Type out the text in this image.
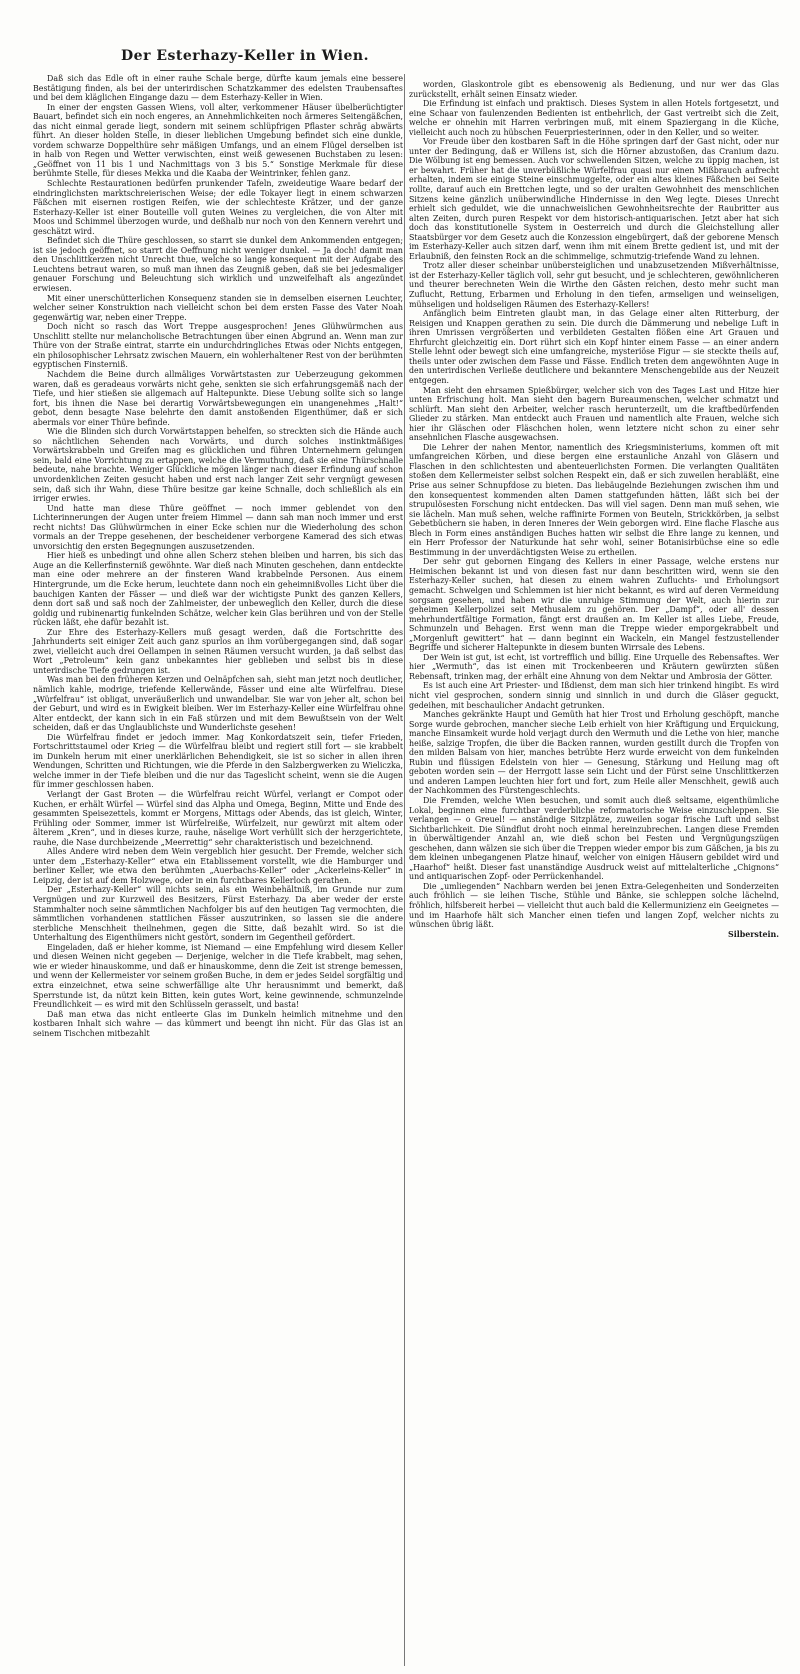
Der Esterhazy-Keller in Wien.

Daß sich das Edle oft in einer rauhe Schale berge, dürfte kaum jemals eine bessere Bestätigung finden, als bei der unterirdischen Schatzkammer des edelsten Traubensaftes und bei dem kläglichen Eingange dazu — dem Esterhazy-Keller in Wien.

In einer der engsten Gassen Wiens, voll alter, verkommener Häuser übelberüchtigter Bauart, befindet sich ein noch engeres, an Annehmlichkeiten noch ärmeres Seitengäßchen, das nicht einmal gerade liegt, sondern mit seinem schlüpfrigen Pflaster schräg abwärts führt. An dieser holden Stelle, in dieser lieblichen Umgebung befindet sich eine dunkle, vordem schwarze Doppelthüre sehr mäßigen Umfangs, und an einem Flügel derselben ist in halb von Regen und Wetter verwischten, einst weiß gewesenen Buchstaben zu lesen: „Geöffnet von 11 bis 1 und Nachmittags von 3 bis 5.“ Sonstige Merkmale für diese berühmte Stelle, für dieses Mekka und die Kaaba der Weintrinker, fehlen ganz.

Schlechte Restaurationen bedürfen prunkender Tafeln, zweideutige Waare bedarf der eindringlichsten marktschreierischen Weise; der edle Tokayer liegt in einem schwarzen Fäßchen mit eisernen rostigen Reifen, wie der schlechteste Krätzer, und der ganze Esterhazy-Keller ist einer Bouteille voll guten Weines zu vergleichen, die von Alter mit Moos und Schimmel überzogen wurde, und deßhalb nur noch von den Kennern verehrt und geschätzt wird.

Befindet sich die Thüre geschlossen, so starrt sie dunkel dem Ankommenden entgegen; ist sie jedoch geöffnet, so starrt die Oeffnung nicht weniger dunkel. — Ja doch! damit man den Unschlittkerzen nicht Unrecht thue, welche so lange konsequent mit der Aufgabe des Leuchtens betraut waren, so muß man ihnen das Zeugniß geben, daß sie bei jedesmaliger genauer Forschung und Beleuchtung sich wirklich und unzweifelhaft als angezündet erwiesen.

Mit einer unerschütterlichen Konsequenz standen sie in demselben eisernen Leuchter, welcher seiner Konstruktion nach vielleicht schon bei dem ersten Fasse des Vater Noah gegenwärtig war, neben einer Treppe.

Doch nicht so rasch das Wort Treppe ausgesprochen! Jenes Glühwürmchen aus Unschlitt stellte nur melancholische Betrachtungen über einen Abgrund an. Wenn man zur Thüre von der Straße eintrat, starrte ein undurchdringliches Etwas oder Nichts entgegen, ein philosophischer Lehrsatz zwischen Mauern, ein wohlerhaltener Rest von der berühmten egyptischen Finsterniß.

Nachdem die Beine durch allmäliges Vorwärtstasten zur Ueberzeugung gekommen waren, daß es geradeaus vorwärts nicht gehe, senkten sie sich erfahrungsgemäß nach der Tiefe, und hier stießen sie allgemach auf Haltepunkte. Diese Uebung sollte sich so lange fort, bis ihnen die Nase bei derartig Vorwärtsbewegungen ein unangenehmes „Halt!“ gebot, denn besagte Nase belehrte den damit anstoßenden Eigenthümer, daß er sich abermals vor einer Thüre befinde.

Wie die Blinden sich durch Vorwärtstappen behelfen, so streckten sich die Hände auch so nächtlichen Sehenden nach Vorwärts, und durch solches instinktmäßiges Vorwärtskrabbeln und Greifen mag es glücklichen und führen Unternehmern gelungen sein, bald eine Vorrichtung zu ertappen, welche die Vermuthung, daß sie eine Thürschnalle bedeute, nahe brachte. Weniger Glückliche mögen länger nach dieser Erfindung auf schon unvordenklichen Zeiten gesucht haben und erst nach langer Zeit sehr vergnügt gewesen sein, daß sich ihr Wahn, diese Thüre besitze gar keine Schnalle, doch schließlich als ein irriger erwies.

Und hatte man diese Thüre geöffnet — noch immer geblendet von den Lichterinnerungen der Augen unter freiem Himmel — dann sah man noch immer und erst recht nichts! Das Glühwürmchen in einer Ecke schien nur die Wiederholung des schon vormals an der Treppe gesehenen, der bescheidener verborgene Kamerad des sich etwas unvorsichtig den ersten Begegnungen auszusetzenden.

Hier hieß es unbedingt und ohne allen Scherz stehen bleiben und harren, bis sich das Auge an die Kellerfinsterniß gewöhnte. War dieß nach Minuten geschehen, dann entdeckte man eine oder mehrere an der finsteren Wand krabbelnde Personen. Aus einem Hintergrunde, um die Ecke herum, leuchtete dann noch ein geheimnißvolles Licht über die bauchigen Kanten der Fässer — und dieß war der wichtigste Punkt des ganzen Kellers, denn dort saß und saß noch der Zahlmeister, der unbeweglich den Keller, durch die diese goldig und rubinenartig funkelnden Schätze, welcher kein Glas berühren und von der Stelle rücken läßt, ehe dafür bezahlt ist.

Zur Ehre des Esterhazy-Kellers muß gesagt werden, daß die Fortschritte des Jahrhunderts seit einiger Zeit auch ganz spurlos an ihm vorübergegangen sind, daß sogar zwei, vielleicht auch drei Oellampen in seinen Räumen versucht wurden, ja daß selbst das Wort „Petroleum“ kein ganz unbekanntes hier geblieben und selbst bis in diese unterirdische Tiefe gedrungen ist.

Was man bei den früheren Kerzen und Oelnäpfchen sah, sieht man jetzt noch deutlicher, nämlich kahle, modrige, triefende Kellerwände, Fässer und eine alte Würfelfrau. Diese „Würfelfrau“ ist obligat, unveräußerlich und unwandelbar. Sie war von jeher alt, schon bei der Geburt, und wird es in Ewigkeit bleiben. Wer im Esterhazy-Keller eine Würfelfrau ohne Alter entdeckt, der kann sich in ein Faß stürzen und mit dem Bewußtsein von der Welt scheiden, daß er das Unglaublichste und Wunderlichste gesehen!

Die Würfelfrau findet er jedoch immer. Mag Konkordatszeit sein, tiefer Frieden, Fortschrittstaumel oder Krieg — die Würfelfrau bleibt und regiert still fort — sie krabbelt im Dunkeln herum mit einer unerklärlichen Behendigkeit, sie ist so sicher in allen ihren Wendungen, Schritten und Richtungen, wie die Pferde in den Salzbergwerken zu Wieliczka, welche immer in der Tiefe bleiben und die nur das Tageslicht scheint, wenn sie die Augen für immer geschlossen haben.

Verlangt der Gast Broten — die Würfelfrau reicht Würfel, verlangt er Compot oder Kuchen, er erhält Würfel — Würfel sind das Alpha und Omega, Beginn, Mitte und Ende des gesammten Speisezettels, kommt er Morgens, Mittags oder Abends, das ist gleich, Winter, Frühling oder Sommer, immer ist Würfelreiße, Würfelzeit, nur gewürzt mit altem oder älterem „Kren“, und in dieses kurze, rauhe, näselige Wort verhüllt sich der herzgerichtete, rauhe, die Nase durchbeizende „Meerrettig“ sehr charakteristisch und bezeichnend.

Alles Andere wird neben dem Wein vergeblich hier gesucht. Der Fremde, welcher sich unter dem „Esterhazy-Keller“ etwa ein Etablissement vorstellt, wie die Hamburger und berliner Keller, wie etwa den berühmten „Auerbachs-Keller“ oder „Ackerleins-Keller“ in Leipzig, der ist auf dem Holzwege, oder in ein furchtbares Kellerloch gerathen.

Der „Esterhazy-Keller“ will nichts sein, als ein Weinbehältniß, im Grunde nur zum Vergnügen und zur Kurzweil des Besitzers, Fürst Esterhazy. Da aber weder der erste Stammhalter noch seine sämmtlichen Nachfolger bis auf den heutigen Tag vermochten, die sämmtlichen vorhandenen stattlichen Fässer auszutrinken, so lassen sie die andere sterbliche Menschheit theilnehmen, gegen die Sitte, daß bezahlt wird. So ist die Unterhaltung des Eigenthümers nicht gestört, sondern im Gegentheil gefördert.

Eingeladen, daß er hieher komme, ist Niemand — eine Empfehlung wird diesem Keller und diesen Weinen nicht gegeben — Derjenige, welcher in die Tiefe krabbelt, mag sehen, wie er wieder hinauskomme, und daß er hinauskomme, denn die Zeit ist strenge bemessen, und wenn der Kellermeister vor seinem großen Buche, in dem er jedes Seidel sorgfältig und extra einzeichnet, etwa seine schwerfällige alte Uhr herausnimmt und bemerkt, daß Sperrstunde ist, da nützt kein Bitten, kein gutes Wort, keine gewinnende, schmunzelnde Freundlichkeit — es wird mit den Schlüsseln gerasselt, und basta!

Daß man etwa das nicht entleerte Glas im Dunkeln heimlich mitnehme und den kostbaren Inhalt sich wahre — das kümmert und beengt ihn nicht. Für das Glas ist an seinem Tischchen mitbezahlt

worden, Glaskontrole gibt es ebensowenig als Bedienung, und nur wer das Glas zurückstellt, erhält seinen Einsatz wieder.

Die Erfindung ist einfach und praktisch. Dieses System in allen Hotels fortgesetzt, und eine Schaar von faulenzenden Bedienten ist entbehrlich, der Gast vertreibt sich die Zeit, welche er ohnehin mit Harren verbringen muß, mit einem Spaziergang in die Küche, vielleicht auch noch zu hübschen Feuerpriesterinnen, oder in den Keller, und so weiter.

Vor Freude über den kostbaren Saft in die Höhe springen darf der Gast nicht, oder nur unter der Bedingung, daß er Willens ist, sich die Hörner abzustoßen, das Cranium dazu. Die Wölbung ist eng bemessen. Auch vor schwellenden Sitzen, welche zu üppig machen, ist er bewahrt. Früher hat die unverbüßliche Würfelfrau quasi nur einen Mißbrauch aufrecht erhalten, indem sie einige Steine einschmuggelte, oder ein altes kleines Fäßchen bei Seite rollte, darauf auch ein Brettchen legte, und so der uralten Gewohnheit des menschlichen Sitzens keine gänzlich unüberwindliche Hindernisse in den Weg legte. Dieses Unrecht erhielt sich geduldet, wie die unnachweislichen Gewohnheitsrechte der Raubritter aus alten Zeiten, durch puren Respekt vor dem historisch-antiquarischen. Jetzt aber hat sich doch das konstitutionelle System in Oesterreich und durch die Gleichstellung aller Staatsbürger vor dem Gesetz auch die Konzession eingebürgert, daß der geborene Mensch im Esterhazy-Keller auch sitzen darf, wenn ihm mit einem Brette gedient ist, und mit der Erlaubniß, den feinsten Rock an die schimmelige, schmutzig-triefende Wand zu lehnen.

Trotz aller dieser scheinbar unübersteiglichen und unabzusetzenden Mißverhältnisse, ist der Esterhazy-Keller täglich voll, sehr gut besucht, und je schlechteren, gewöhnlicheren und theurer berechneten Wein die Wirthe den Gästen reichen, desto mehr sucht man Zuflucht, Rettung, Erbarmen und Erholung in den tiefen, armseligen und weinseligen, mühseligen und holdseligen Räumen des Esterhazy-Kellers!

Anfänglich beim Eintreten glaubt man, in das Gelage einer alten Ritterburg, der Reisigen und Knappen gerathen zu sein. Die durch die Dämmerung und nebelige Luft in ihren Umrissen vergrößerten und verbildeten Gestalten flößen eine Art Grauen und Ehrfurcht gleichzeitig ein. Dort rührt sich ein Kopf hinter einem Fasse — an einer andern Stelle lehnt oder bewegt sich eine umfangreiche, mysteriöse Figur — sie steckte theils auf, theils unter oder zwischen dem Fasse und Fässe. Endlich treten dem angewöhnten Auge in den unterirdischen Verließe deutlichere und bekanntere Menschengebilde aus der Neuzeit entgegen.

Man sieht den ehrsamen Spießbürger, welcher sich von des Tages Last und Hitze hier unten Erfrischung holt. Man sieht den bagern Bureaumenschen, welcher schmatzt und schlürft. Man sieht den Arbeiter, welcher rasch herunterzeilt, um die kraftbedürfenden Glieder zu stärken. Man entdeckt auch Frauen und namentlich alte Frauen, welche sich hier ihr Gläschen oder Fläschchen holen, wenn letztere nicht schon zu einer sehr ansehnlichen Flasche ausgewachsen.

Die Lehrer der nahen Mentor, namentlich des Kriegsministeriums, kommen oft mit umfangreichen Körben, und diese bergen eine erstaunliche Anzahl von Gläsern und Flaschen in den schlichtesten und abenteuerlichsten Formen. Die verlangten Qualitäten stoßen dem Kellermeister selbst solchen Respekt ein, daß er sich zuweilen herabläßt, eine Prise aus seiner Schnupfdose zu bieten. Das liebäugelnde Beziehungen zwischen ihm und den konsequentest kommenden alten Damen stattgefunden hätten, läßt sich bei der strupulösesten Forschung nicht entdecken. Das will viel sagen. Denn man muß sehen, wie sie lächeln. Man muß sehen, welche raffinirte Formen von Beuteln, Strickkörben, ja selbst Gebetbüchern sie haben, in deren Inneres der Wein geborgen wird. Eine flache Flasche aus Blech in Form eines anständigen Buches hatten wir selbst die Ehre lange zu kennen, und ein Herr Professor der Naturkunde hat sehr wohl, seiner Botanisirbüchse eine so edle Bestimmung in der unverdächtigsten Weise zu ertheilen.

Der sehr gut gebornen Eingang des Kellers in einer Passage, welche erstens nur Heimischen bekannt ist und von diesen fast nur dann beschritten wird, wenn sie den Esterhazy-Keller suchen, hat diesen zu einem wahren Zufluchts- und Erholungsort gemacht. Schwelgen und Schlemmen ist hier nicht bekannt, es wird auf deren Vermeidung sorgsam gesehen, und haben wir die unruhige Stimmung der Welt, auch hierin zur geheimen Kellerpolizei seit Methusalem zu gehören. Der „Dampf“, oder all' dessen mehrhundertfältige Formation, fängt erst draußen an. Im Keller ist alles Liebe, Freude, Schmunzeln und Behagen. Erst wenn man die Treppe wieder emporgekrabbelt und „Morgenluft gewittert“ hat — dann beginnt ein Wackeln, ein Mangel festzustellender Begriffe und sicherer Haltepunkte in diesem bunten Wirrsale des Lebens.

Der Wein ist gut, ist echt, ist vortrefflich und billig. Eine Urquelle des Rebensaftes. Wer hier „Wermuth“, das ist einen mit Trockenbeeren und Kräutern gewürzten süßen Rebensaft, trinken mag, der erhält eine Ahnung von dem Nektar und Ambrosia der Götter.

Es ist auch eine Art Priester- und Ißdienst, dem man sich hier trinkend hingibt. Es wird nicht viel gesprochen, sondern sinnig und sinnlich in und durch die Gläser geguckt, gedeihen, mit beschaulicher Andacht getrunken.

Manches gekränkte Haupt und Gemüth hat hier Trost und Erholung geschöpft, manche Sorge wurde gebrochen, mancher sieche Leib erhielt von hier Kräftigung und Erquickung, manche Einsamkeit wurde hold verjagt durch den Wermuth und die Lethe von hier, manche heiße, salzige Tropfen, die über die Backen rannen, wurden gestillt durch die Tropfen von den milden Balsam von hier, manches betrübte Herz wurde erweicht von dem funkelnden Rubin und flüssigen Edelstein von hier — Genesung, Stärkung und Heilung mag oft geboten worden sein — der Herrgott lasse sein Licht und der Fürst seine Unschlittkerzen und anderen Lampen leuchten hier fort und fort, zum Heile aller Menschheit, gewiß auch der Nachkommen des Fürstengeschlechts.

Die Fremden, welche Wien besuchen, und somit auch dieß seltsame, eigenthümliche Lokal, beginnen eine furchtbar verderbliche reformatorische Weise einzuschleppen. Sie verlangen — o Greuel! — anständige Sitzplätze, zuweilen sogar frische Luft und selbst Sichtbarlichkeit. Die Sündflut droht noch einmal hereinzubrechen. Langen diese Fremden in überwältigender Anzahl an, wie dieß schon bei Festen und Vergnügungszügen geschehen, dann wälzen sie sich über die Treppen wieder empor bis zum Gäßchen, ja bis zu dem kleinen unbegangenen Platze hinauf, welcher von einigen Häusern gebildet wird und „Haarhof“ heißt. Dieser fast unanständige Ausdruck weist auf mittelalterliche „Chignons“ und antiquarischen Zopf- oder Perrückenhandel.

Die „umliegenden“ Nachbarn werden bei jenen Extra-Gelegenheiten und Sonderzeiten auch fröhlich — sie leihen Tische, Stühle und Bänke, sie schleppen solche lächelnd, fröhlich, hilfsbereit herbei — vielleicht thut auch bald die Kellermunizienz ein Geeignetes — und im Haarhofe hält sich Mancher einen tiefen und langen Zopf, welcher nichts zu wünschen übrig läßt.

Silberstein.
